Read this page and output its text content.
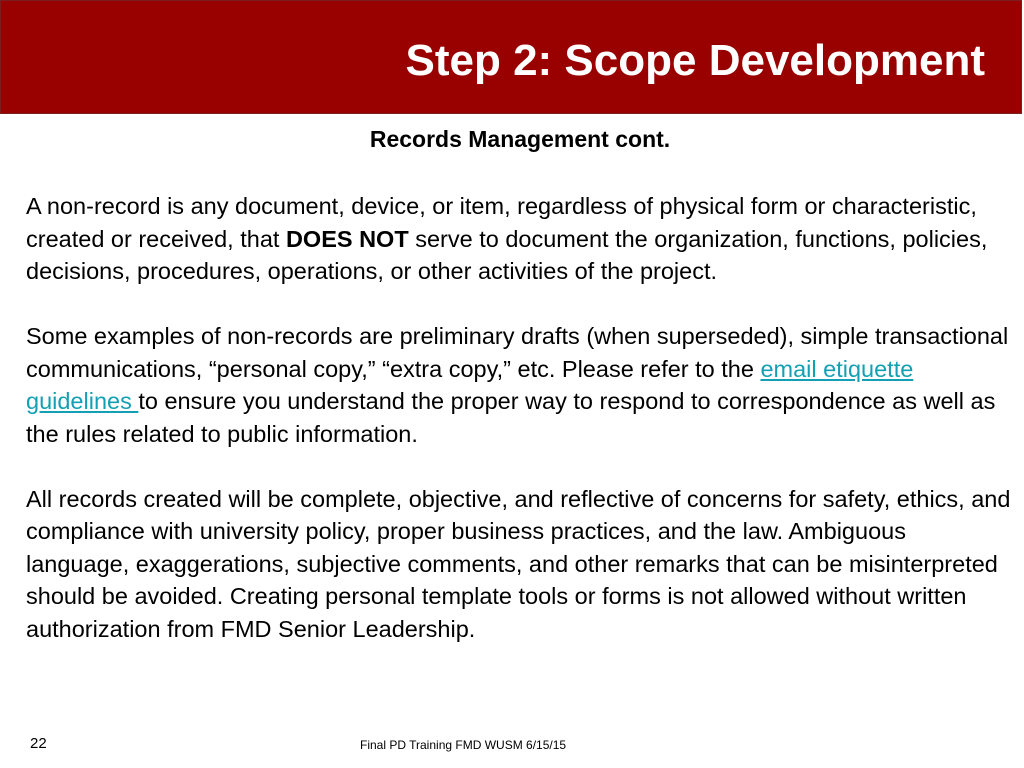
Step 2: Scope Development
Records Management cont.

A non-record is any document, device, or item, regardless of physical form or characteristic, created or received, that DOES NOT serve to document the organization, functions, policies, decisions, procedures, operations, or other activities of the project.

Some examples of non-records are preliminary drafts (when superseded), simple transactional communications, “personal copy,” “extra copy,” etc. Please refer to the email etiquette guidelines to ensure you understand the proper way to respond to correspondence as well as the rules related to public information.

All records created will be complete, objective, and reflective of concerns for safety, ethics, and compliance with university policy, proper business practices, and the law. Ambiguous language, exaggerations, subjective comments, and other remarks that can be misinterpreted should be avoided. Creating personal template tools or forms is not allowed without written authorization from FMD Senior Leadership.

22	Final PD Training FMD WUSM 6/15/15
